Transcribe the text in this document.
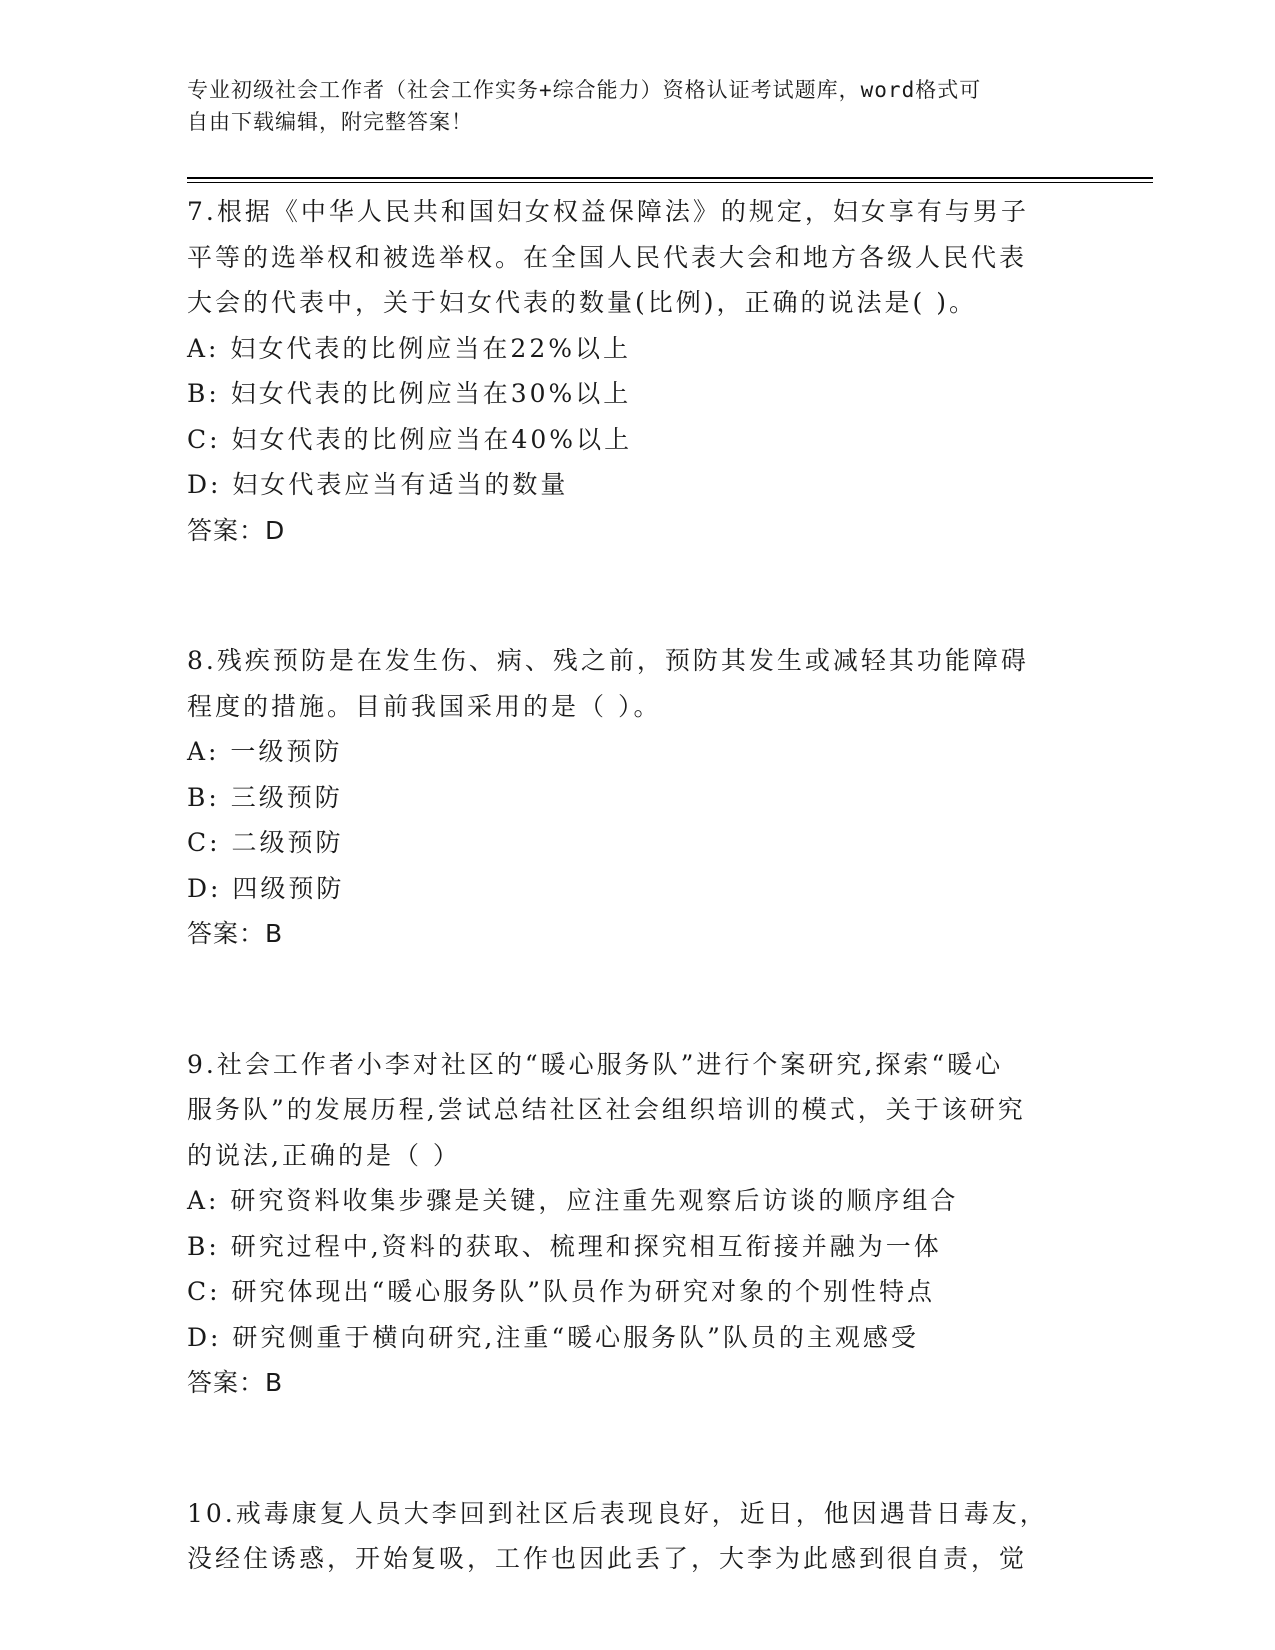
专业初级社会工作者（社会工作实务+综合能力）资格认证考试题库，word格式可
自由下载编辑，附完整答案！
7.根据《中华人民共和国妇女权益保障法》的规定，妇女享有与男子
平等的选举权和被选举权。在全国人民代表大会和地方各级人民代表
大会的代表中，关于妇女代表的数量(比例)，正确的说法是( )。
A: 妇女代表的比例应当在22%以上
B: 妇女代表的比例应当在30%以上
C: 妇女代表的比例应当在40%以上
D: 妇女代表应当有适当的数量
答案：D
8.残疾预防是在发生伤、病、残之前，预防其发生或减轻其功能障碍
程度的措施。目前我国采用的是（ ）。
A: 一级预防
B: 三级预防
C: 二级预防
D: 四级预防
答案：B
9.社会工作者小李对社区的“暖心服务队”进行个案研究,探索“暖心
服务队”的发展历程,尝试总结社区社会组织培训的模式，关于该研究
的说法,正确的是（ ）
A: 研究资料收集步骤是关键，应注重先观察后访谈的顺序组合
B: 研究过程中,资料的获取、梳理和探究相互衔接并融为一体
C: 研究体现出“暖心服务队”队员作为研究对象的个别性特点
D: 研究侧重于横向研究,注重“暖心服务队”队员的主观感受
答案：B
10.戒毒康复人员大李回到社区后表现良好，近日，他因遇昔日毒友，
没经住诱惑，开始复吸，工作也因此丢了，大李为此感到很自责，觉
